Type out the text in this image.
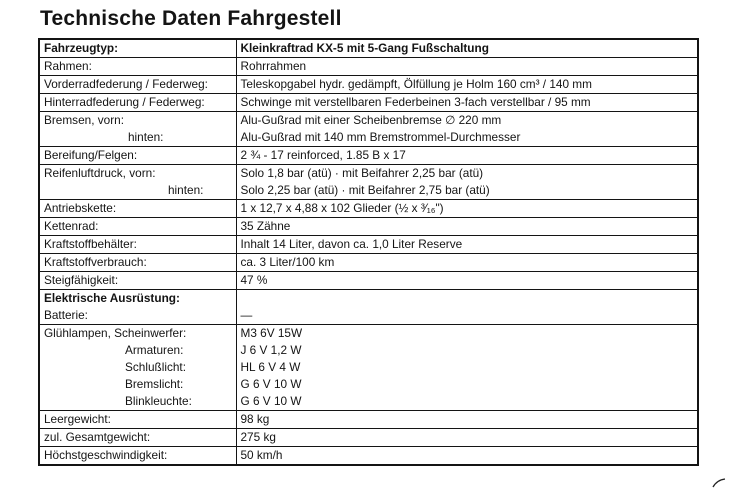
Technische Daten Fahrgestell
Fahrzeugtyp:	Kleinkraftrad KX-5 mit 5-Gang Fußschaltung
Rahmen:	Rohrrahmen
Vorderradfederung / Federweg:	Teleskopgabel hydr. gedämpft, Ölfüllung je Holm 160 cm³ / 140 mm
Hinterradfederung / Federweg:	Schwinge mit verstellbaren Federbeinen 3-fach verstellbar / 95 mm
Bremsen, vorn:	Alu-Gußrad mit einer Scheibenbremse ∅ 220 mm
hinten:	Alu-Gußrad mit 140 mm Bremstrommel-Durchmesser
Bereifung/Felgen:	2 ¾ - 17 reinforced, 1.85 B x 17
Reifenluftdruck, vorn:	Solo 1,8 bar (atü) · mit Beifahrer 2,25 bar (atü)
hinten:	Solo 2,25 bar (atü) · mit Beifahrer 2,75 bar (atü)
Antriebskette:	1 x 12,7 x 4,88 x 102 Glieder (½ x ³⁄₁₆")
Kettenrad:	35 Zähne
Kraftstoffbehälter:	Inhalt 14 Liter, davon ca. 1,0 Liter Reserve
Kraftstoffverbrauch:	ca. 3 Liter/100 km
Steigfähigkeit:	47 %
Elektrische Ausrüstung:	
Batterie:	—
Glühlampen, Scheinwerfer:	M3 6V 15W
Armaturen:	J 6 V 1,2 W
Schlußlicht:	HL 6 V 4 W
Bremslicht:	G 6 V 10 W
Blinkleuchte:	G 6 V 10 W
Leergewicht:	98 kg
zul. Gesamtgewicht:	275 kg
Höchstgeschwindigkeit:	50 km/h
